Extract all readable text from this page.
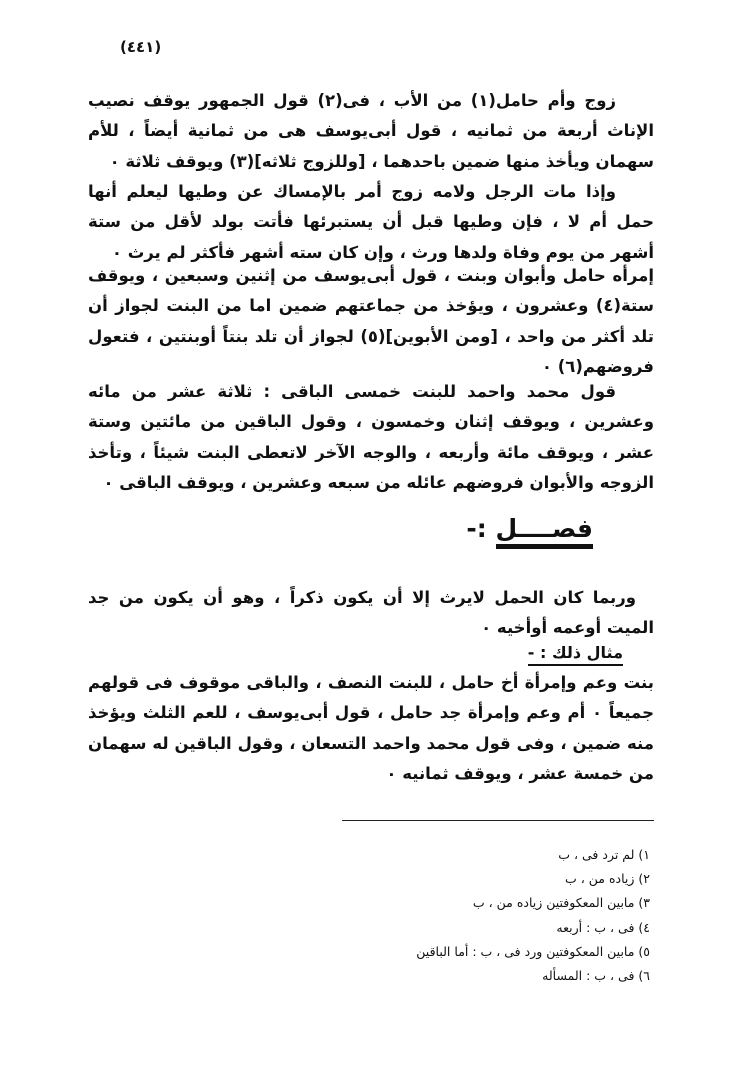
(٤٤١)

زوج وأم حامل(١) من الأب ، فى(٢) قول الجمهور يوقف نصيب الإناث أربعة من ثمانيه ، قول أبى‌يوسف هى من ثمانية أيضاً ، للأم سهمان ويأخذ منها ضمين باحدهما ، [وللزوج ثلاثه](٣) ويوقف ثلاثة ٠

وإذا مات الرجل ولامه زوج أمر بالإمساك عن وطيها ليعلم أنها حمل أم لا ، فإن وطيها قبل أن يستبرئها فأتت بولد لأقل من ستة أشهر من يوم وفاة ولدها ورث ، وإن كان سته أشهر فأكثر لم يرث ٠

إمرأه حامل وأبوان وبنت ، قول أبى‌يوسف من إثنين وسبعين ، ويوقف ستة(٤) وعشرون ، ويؤخذ من جماعتهم ضمين اما من البنت لجواز أن تلد أكثر من واحد ، [ومن الأبوين](٥) لجواز أن تلد بنتاً أوبنتين ، فتعول فروضهم(٦) ٠

قول محمد واحمد للبنت خمسى الباقى : ثلاثة عشر من مائه وعشرين ، ويوقف إثنان وخمسون ، وقول الباقين من مائتين وستة عشر ، ويوقف مائة وأربعه ، والوجه الآخر لاتعطى البنت شيئاً ، وتأخذ الزوجه والأبوان فروضهم عائله من سبعه وعشرين ، ويوقف الباقى ٠

فصــــل :-

وربما كان الحمل لايرث إلا أن يكون ذكراً ، وهو أن يكون من جد الميت أوعمه أوأخيه ٠

مثال ذلك : -

بنت وعم وإمرأة أخ حامل ، للبنت النصف ، والباقى موقوف فى قولهم جميعاً ٠ أم وعم وإمرأة جد حامل ، قول أبى‌يوسف ، للعم الثلث ويؤخذ منه ضمين ، وفى قول محمد واحمد التسعان ، وقول الباقين له سهمان من خمسة عشر ، ويوقف ثمانيه ٠

١) لم ترد فى ، ب
٢) زياده من ، ب
٣) مابين المعكوفتين زياده من ، ب
٤) فى ، ب : أربعه
٥) مابين المعكوفتين ورد فى ، ب : أما الباقين
٦) فى ، ب : المسأله
